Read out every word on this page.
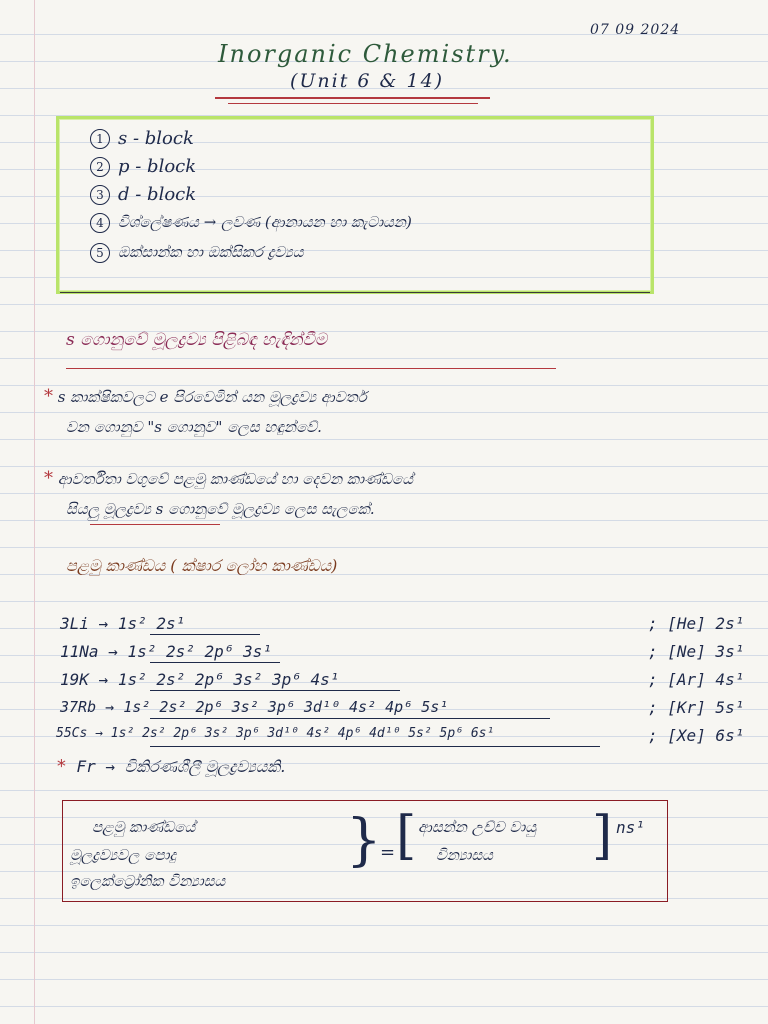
07 09 2024
Inorganic Chemistry.
(Unit 6 & 14)
1 s - block
2 p - block
3 d - block
4 විශ්ලේෂණය → ලවණ (ආනායන හා කැටායන)
5 ඔක්සාන්ක හා ඔක්සිකර ද්‍රව්‍යය
s ගොනුවේ මූලද්‍රව්‍ය පිළිබඳ හැඳින්වීම
* s කාක්ෂිකවලට e පිරවෙමින් යන මූලද්‍රව්‍ය ආවර්ත
වන ගොනුව "s ගොනුව" ලෙස හඳුන්වේ.
* ආවර්තිතා වගුවේ පළමු කාණ්ඩයේ හා දෙවන කාණ්ඩයේ
සියලු මූලද්‍රව්‍ය s ගොනුවේ මූලද්‍රව්‍ය ලෙස සැලකේ.
පළමු කාණ්ඩය ( ක්ෂාර ලෝහ කාණ්ඩය)
3Li → 1s² 2s¹	; [He] 2s¹
11Na → 1s² 2s² 2p⁶ 3s¹	; [Ne] 3s¹
19K → 1s² 2s² 2p⁶ 3s² 3p⁶ 4s¹	; [Ar] 4s¹
37Rb → 1s² 2s² 2p⁶ 3s² 3p⁶ 3d¹⁰ 4s² 4p⁶ 5s¹	; [Kr] 5s¹
55Cs → 1s² 2s² 2p⁶ 3s² 3p⁶ 3d¹⁰ 4s² 4p⁶ 4d¹⁰ 5s² 5p⁶ 6s¹	; [Xe] 6s¹
* Fr → විකිරණශීලී මූලද්‍රව්‍යයකි.
පළමු කාණ්ඩයේ
මූලද්‍රව්‍යවල පොදු
ඉලෙක්ට්‍රෝනික වින්‍යාසය
}
= [ ආසන්න උච්ච වායු
වින්‍යාසය ] ns¹
